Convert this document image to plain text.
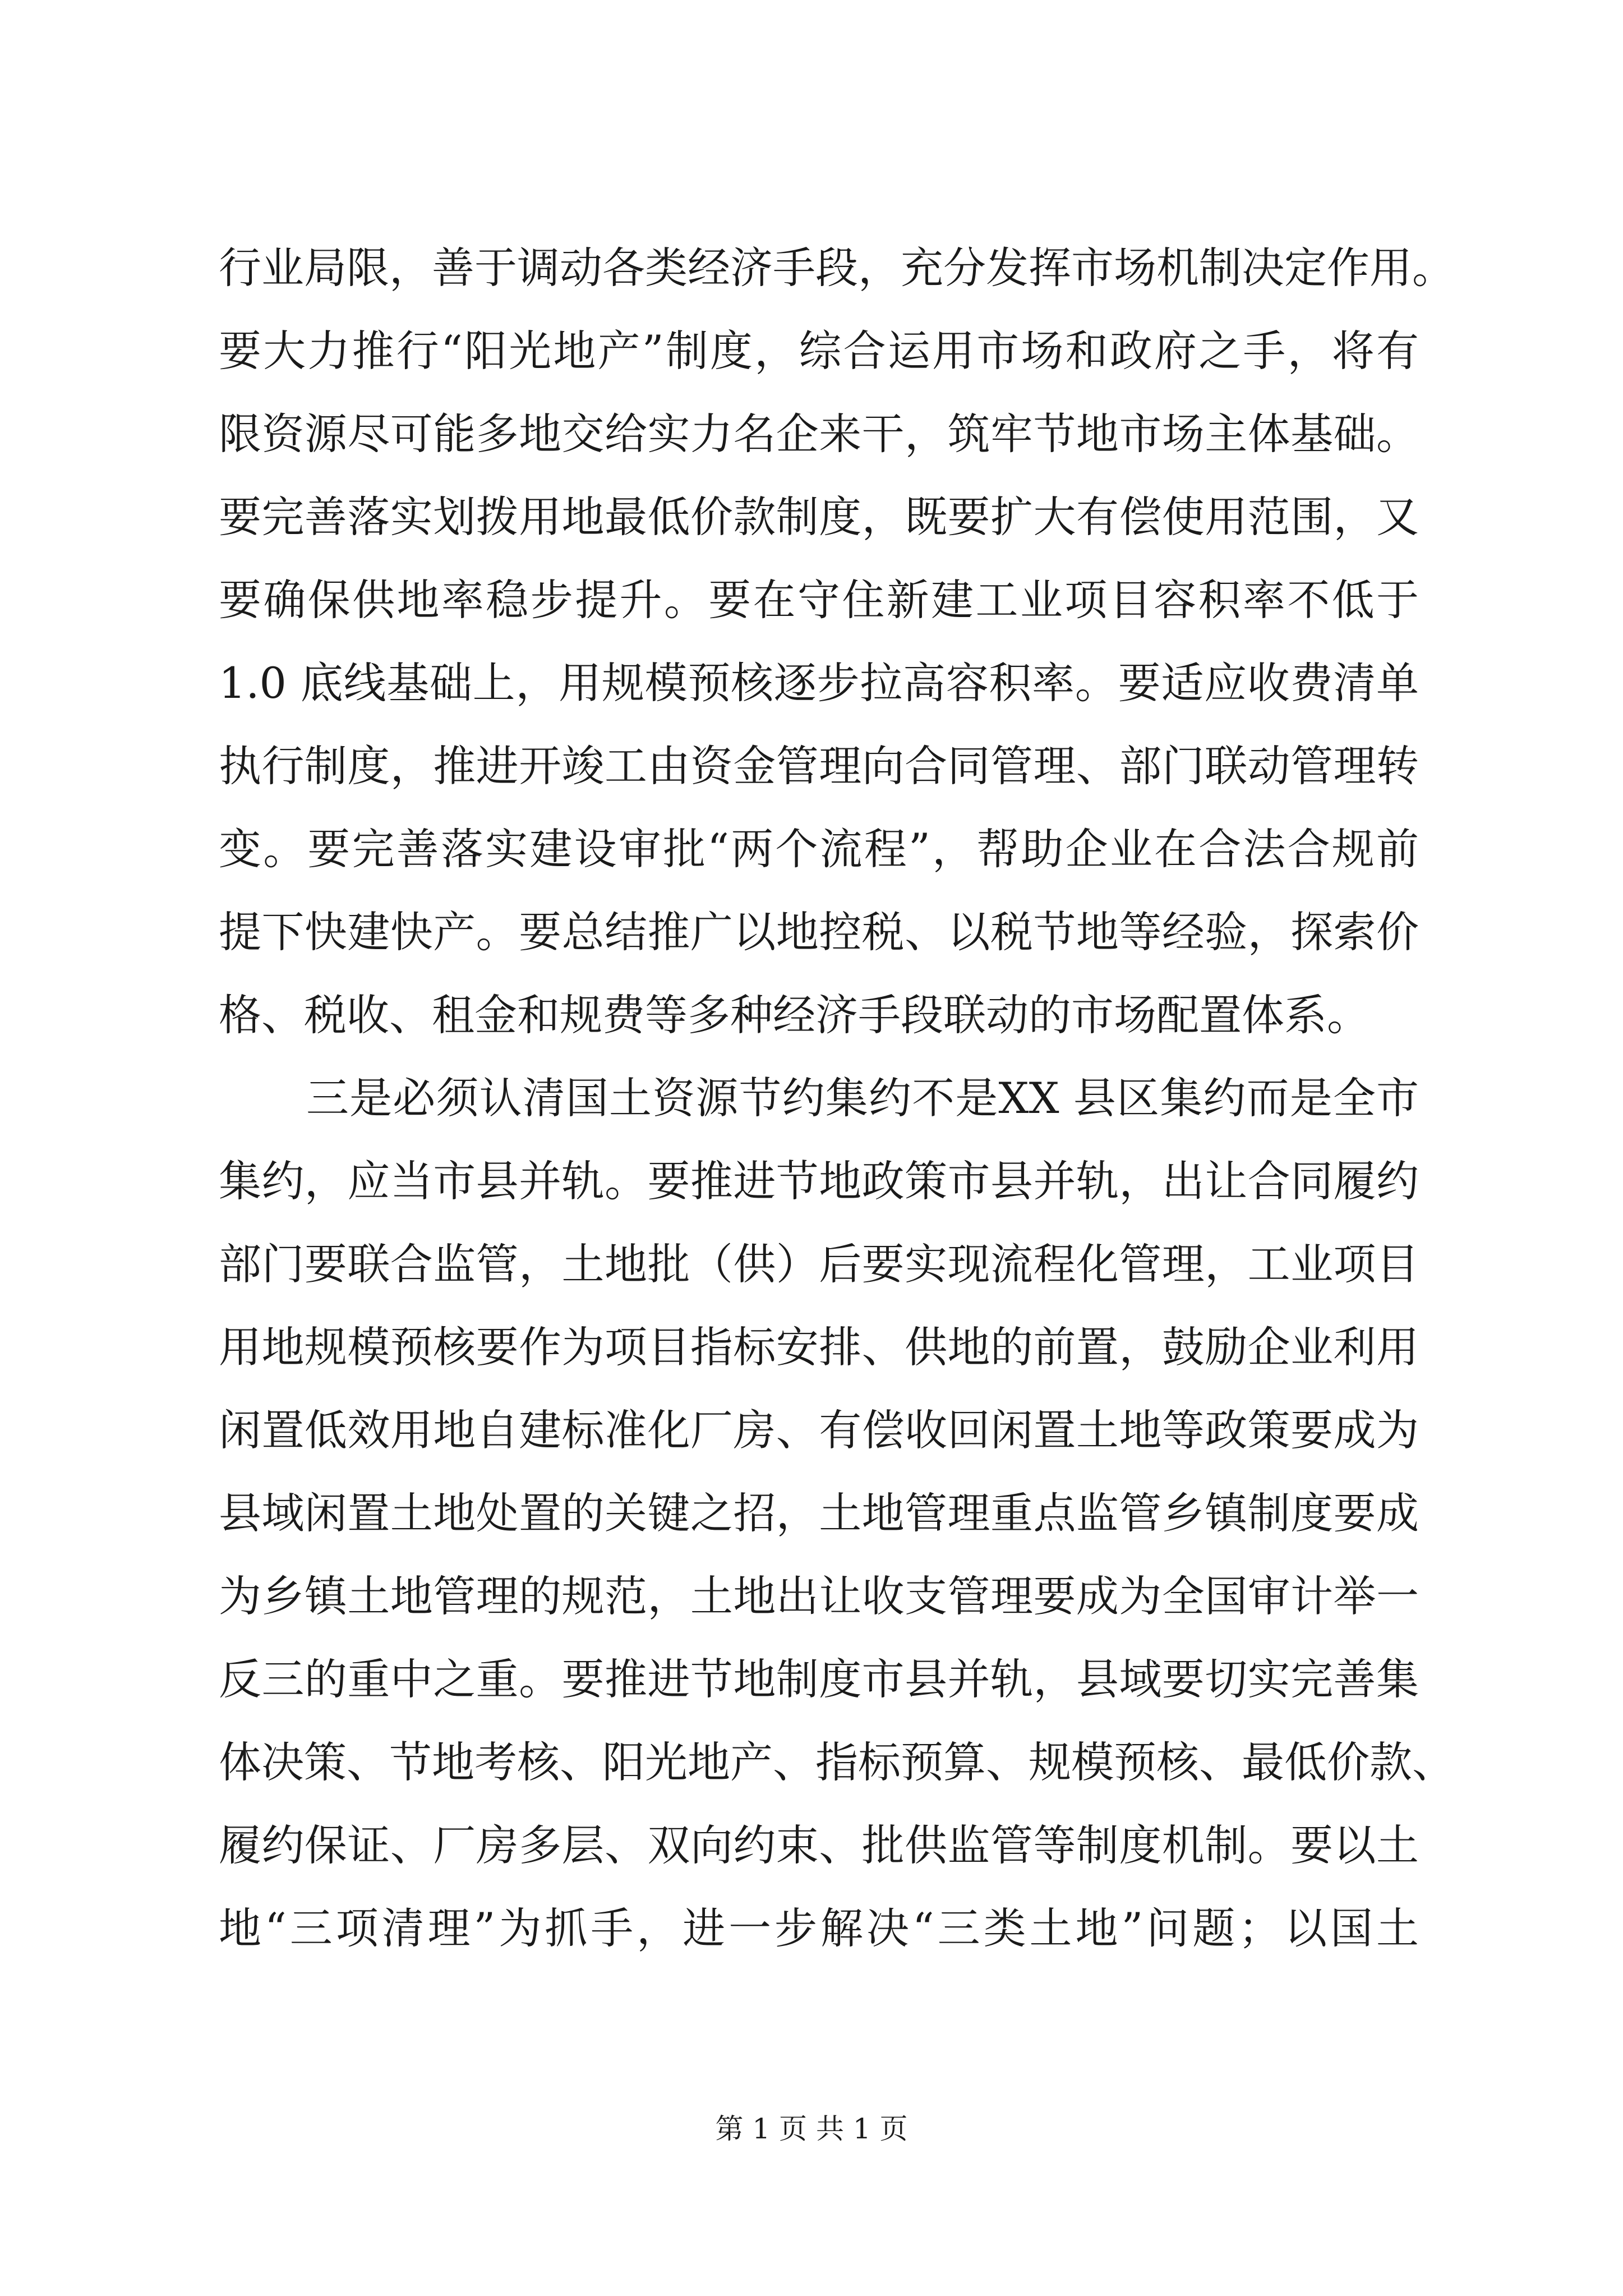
行业局限，善于调动各类经济手段，充分发挥市场机制决定作用。
要大力推行“阳光地产”制度，综合运用市场和政府之手，将有
限资源尽可能多地交给实力名企来干，筑牢节地市场主体基础。
要完善落实划拨用地最低价款制度，既要扩大有偿使用范围，又
要确保供地率稳步提升。要在守住新建工业项目容积率不低于
1.0 底线基础上，用规模预核逐步拉高容积率。要适应收费清单
执行制度，推进开竣工由资金管理向合同管理、部门联动管理转
变。要完善落实建设审批“两个流程”，帮助企业在合法合规前
提下快建快产。要总结推广以地控税、以税节地等经验，探索价
格、税收、租金和规费等多种经济手段联动的市场配置体系。
三是必须认清国土资源节约集约不是XX 县区集约而是全市
集约，应当市县并轨。要推进节地政策市县并轨，出让合同履约
部门要联合监管，土地批（供）后要实现流程化管理，工业项目
用地规模预核要作为项目指标安排、供地的前置，鼓励企业利用
闲置低效用地自建标准化厂房、有偿收回闲置土地等政策要成为
县域闲置土地处置的关键之招，土地管理重点监管乡镇制度要成
为乡镇土地管理的规范，土地出让收支管理要成为全国审计举一
反三的重中之重。要推进节地制度市县并轨，县域要切实完善集
体决策、节地考核、阳光地产、指标预算、规模预核、最低价款、
履约保证、厂房多层、双向约束、批供监管等制度机制。要以土
地“三项清理”为抓手，进一步解决“三类土地”问题；以国土
第 1 页 共 1 页
